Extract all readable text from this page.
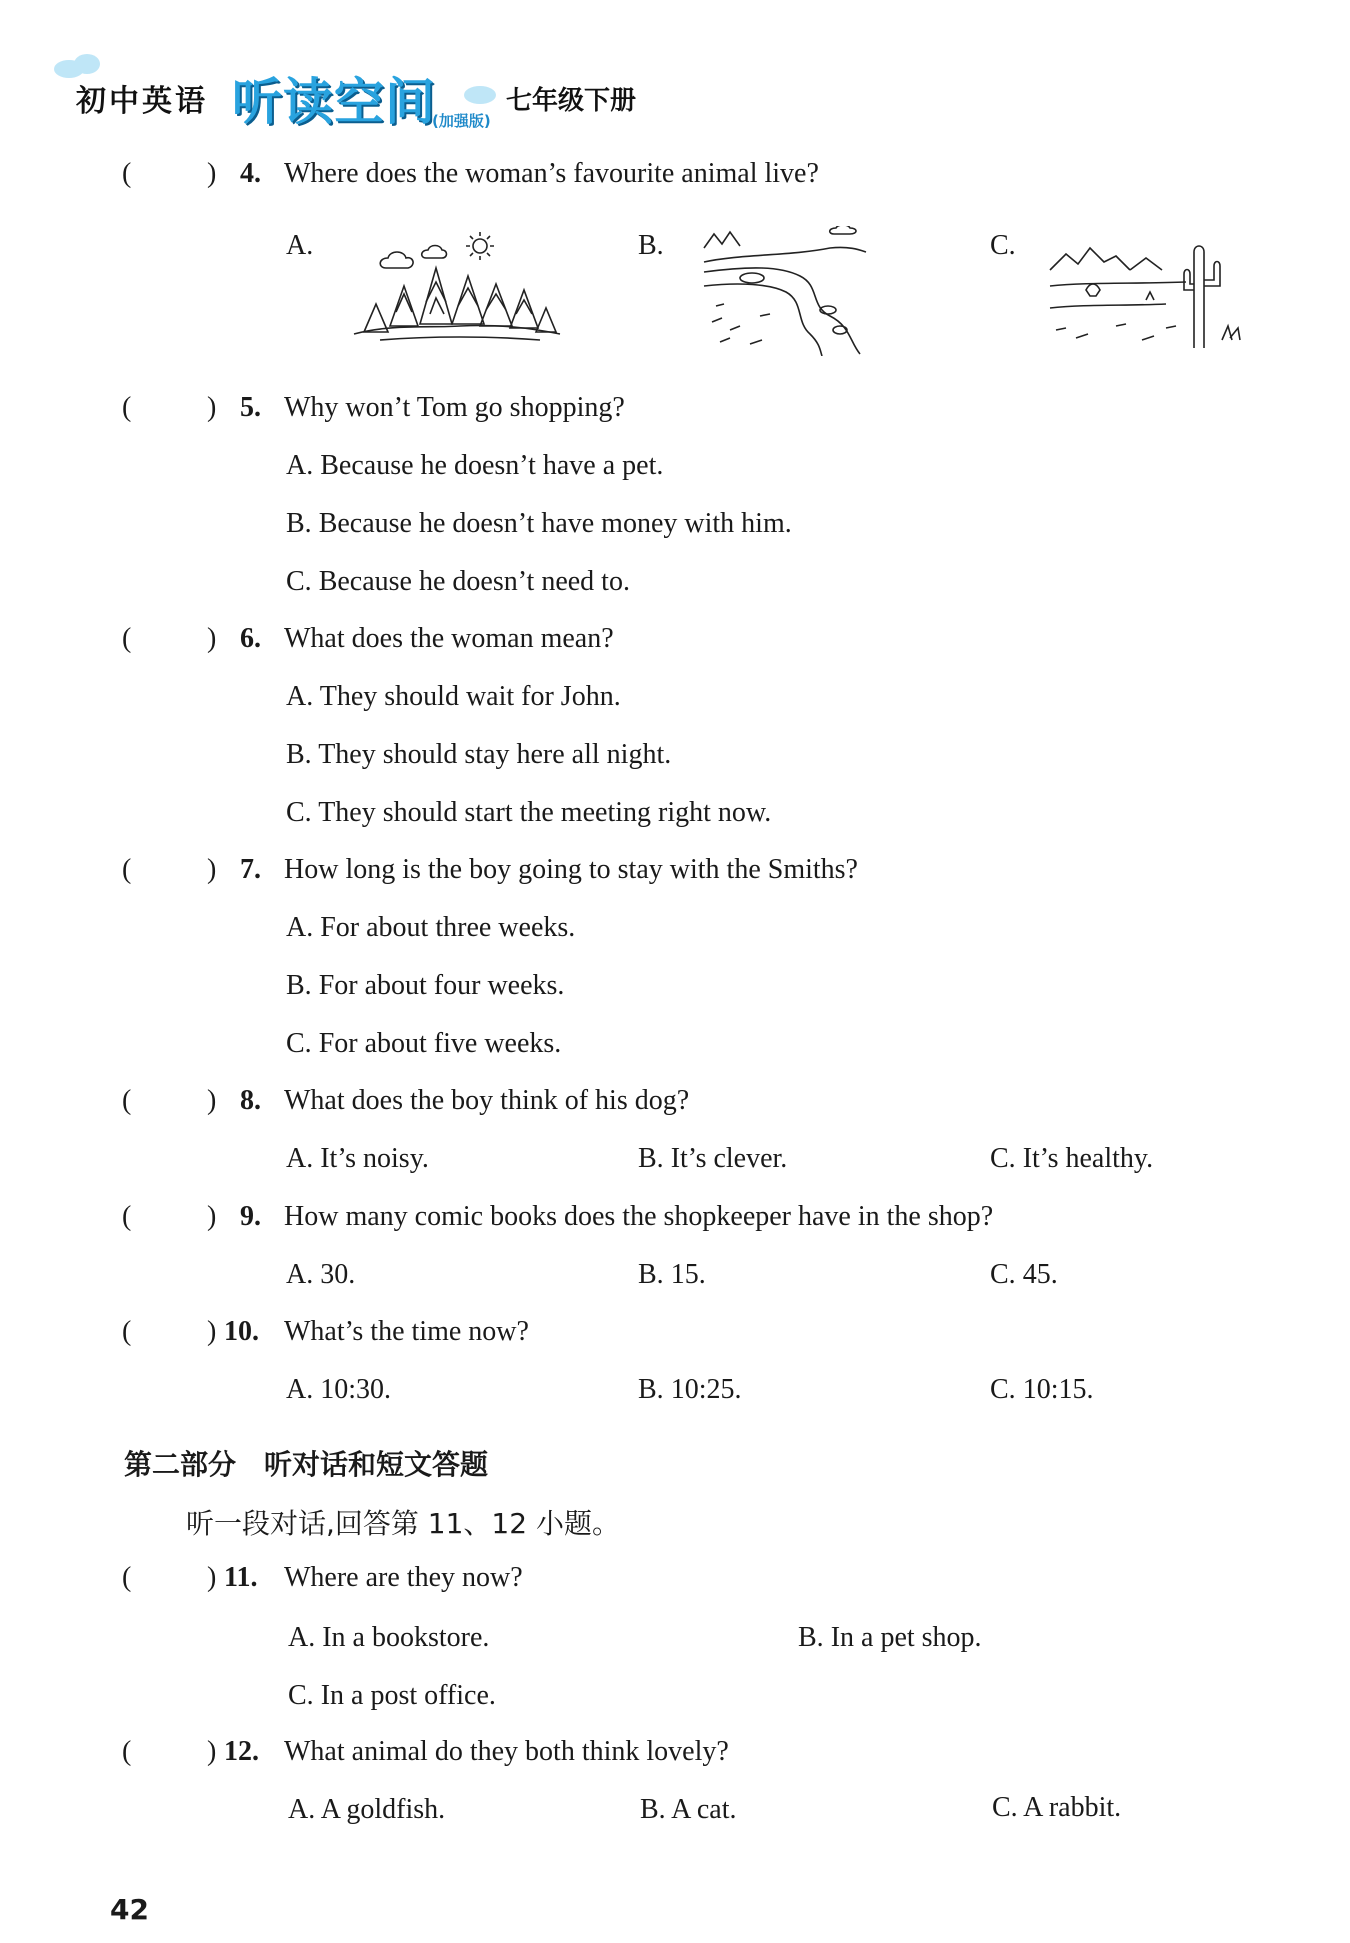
初中英语 听读空间
(加强版)
七年级下册
(	) 4. Where does the woman’s favourite animal live?
A.	B.	C.
(	) 5. Why won’t Tom go shopping?
A. Because he doesn’t have a pet.
B. Because he doesn’t have money with him.
C. Because he doesn’t need to.
(	) 6. What does the woman mean?
A. They should wait for John.
B. They should stay here all night.
C. They should start the meeting right now.
(	) 7. How long is the boy going to stay with the Smiths?
A. For about three weeks.
B. For about four weeks.
C. For about five weeks.
(	) 8. What does the boy think of his dog?
A. It’s noisy.	B. It’s clever.	C. It’s healthy.
(	) 9. How many comic books does the shopkeeper have in the shop?
A. 30.	B. 15.	C. 45.
(	) 10. What’s the time now?
A. 10:30.	B. 10:25.	C. 10:15.
第二部分　听对话和短文答题
听一段对话,回答第 11、12 小题。
(	) 11. Where are they now?
A. In a bookstore.	B. In a pet shop.
C. In a post office.
(	) 12. What animal do they both think lovely?
A. A goldfish.	B. A cat.	C. A rabbit.
42
